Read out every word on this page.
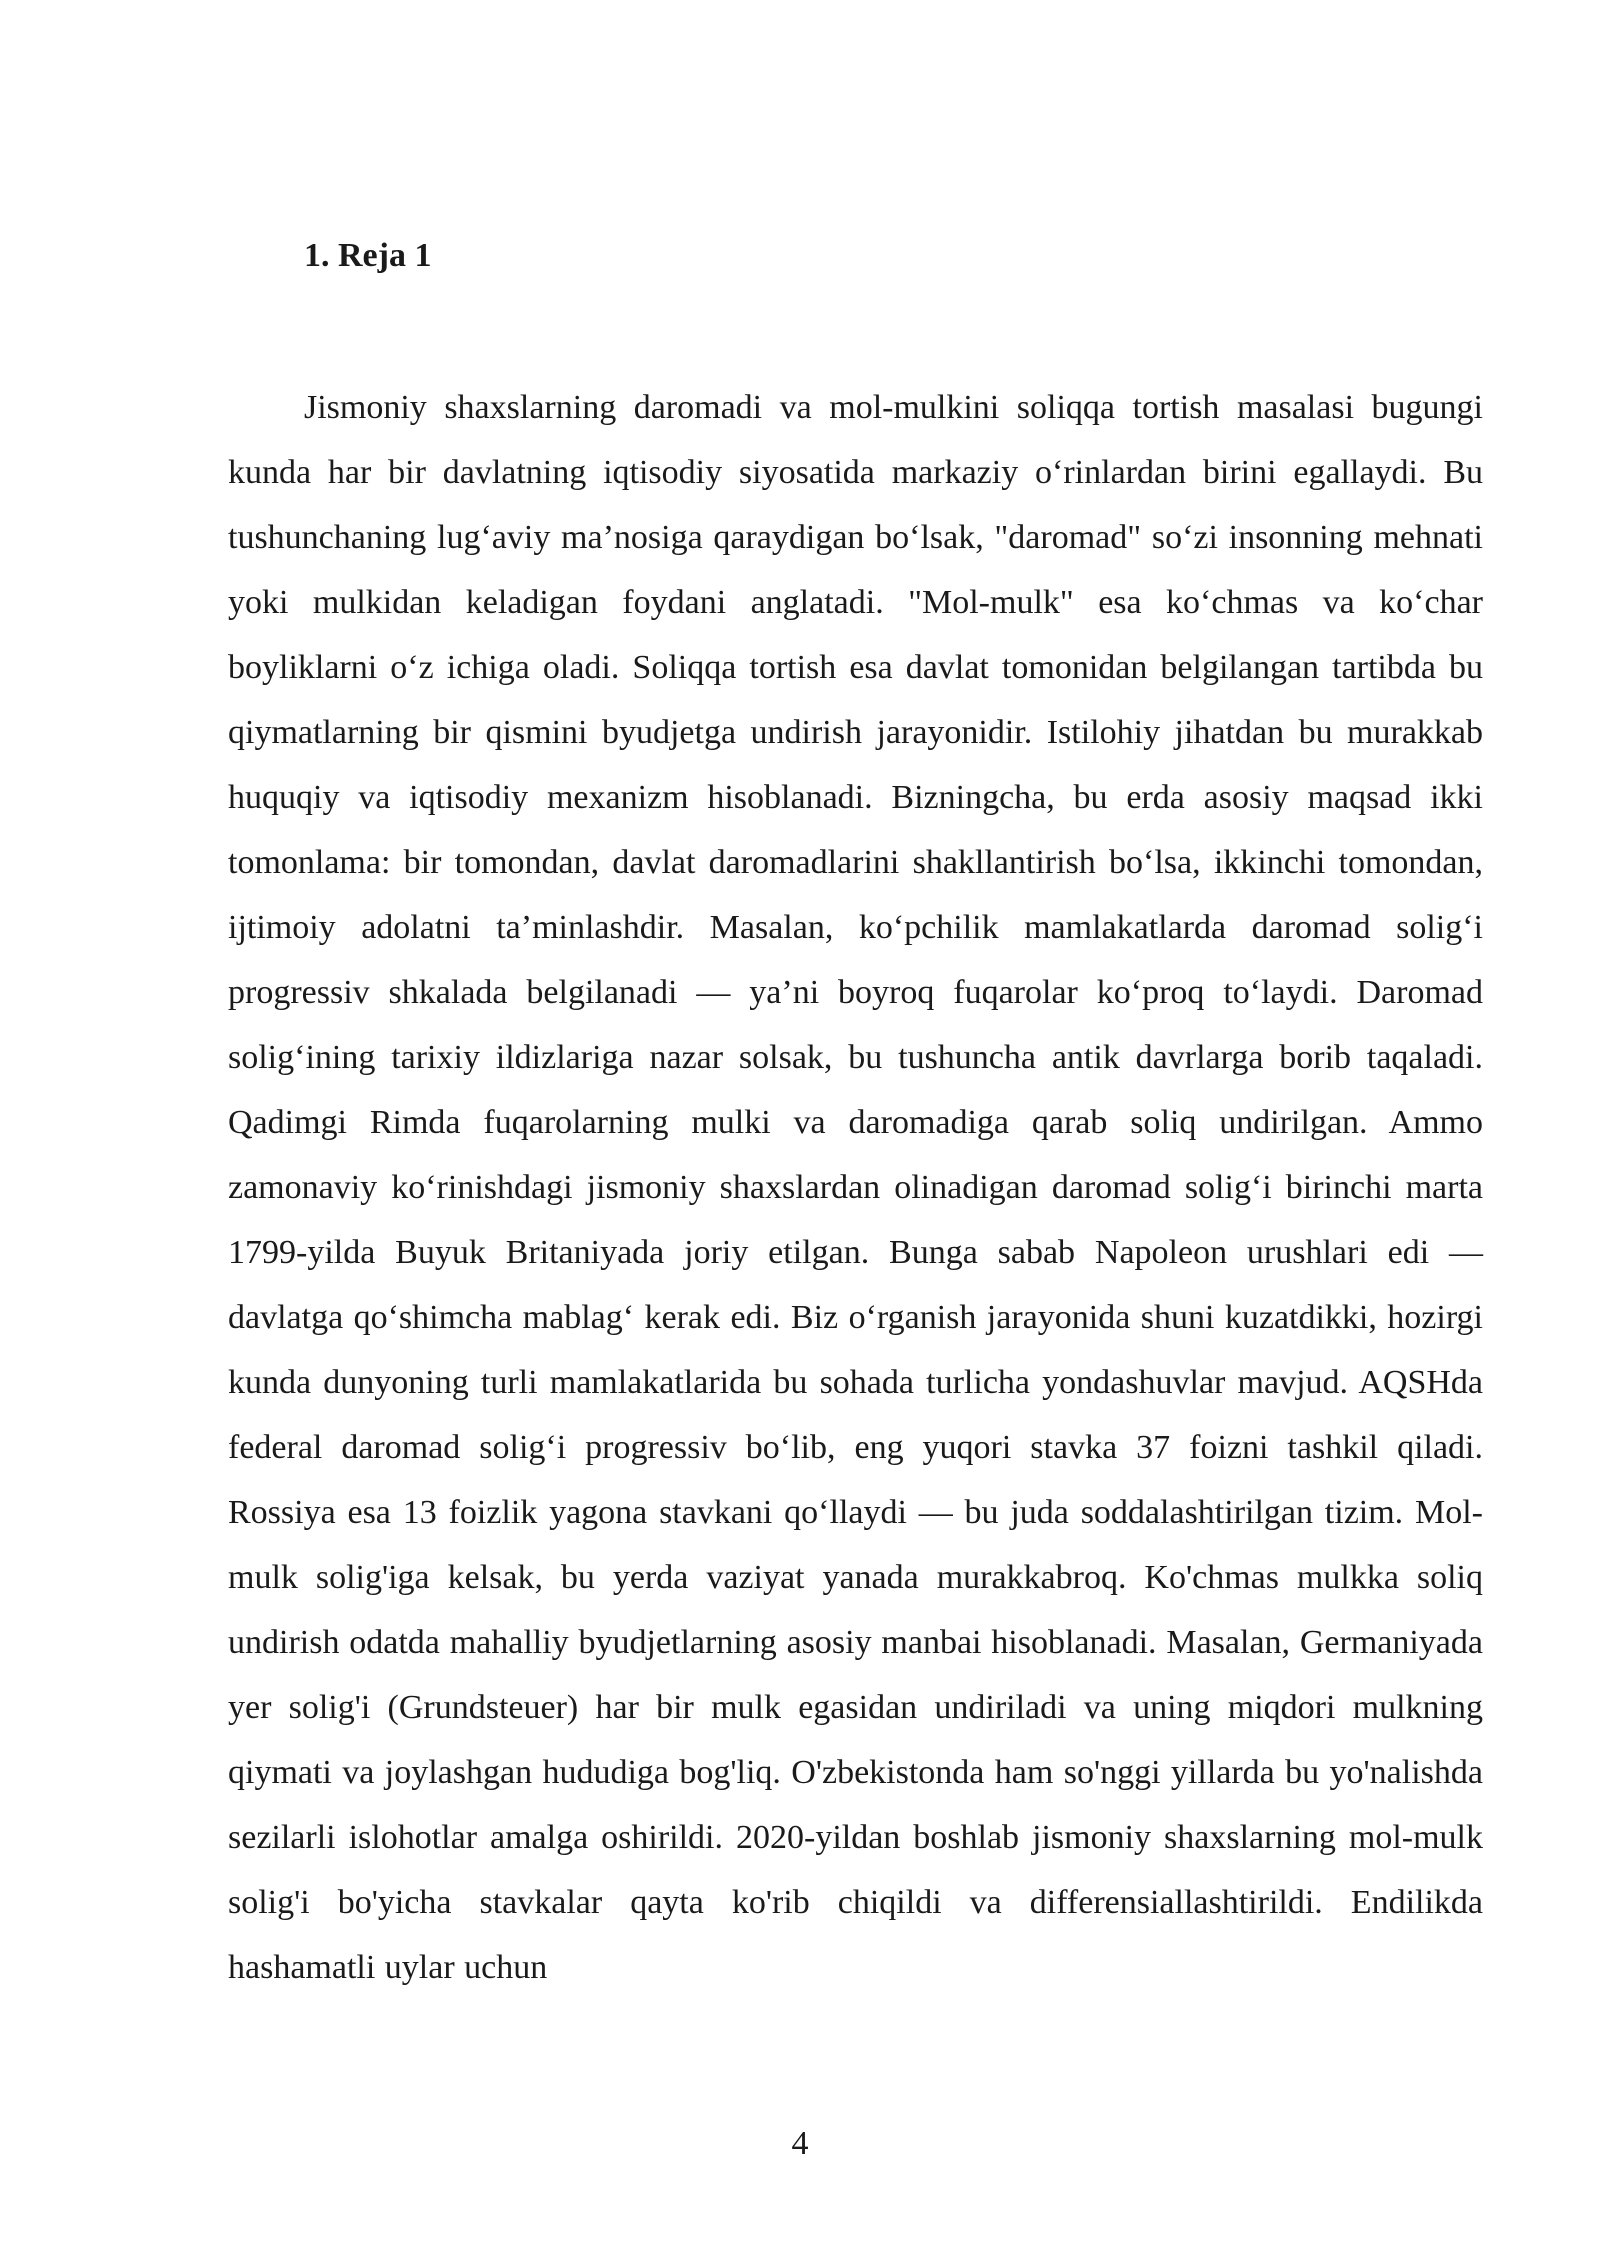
1. Reja 1

Jismoniy shaxslarning daromadi va mol-mulkini soliqqa tortish masalasi bugungi kunda har bir davlatning iqtisodiy siyosatida markaziy o‘rinlardan birini egallaydi. Bu tushunchaning lug‘aviy ma’nosiga qaraydigan bo‘lsak, "daromad" so‘zi insonning mehnati yoki mulkidan keladigan foydani anglatadi. "Mol-mulk" esa ko‘chmas va ko‘char boyliklarni o‘z ichiga oladi. Soliqqa tortish esa davlat tomonidan belgilangan tartibda bu qiymatlarning bir qismini byudjetga undirish jarayonidir. Istilohiy jihatdan bu murakkab huquqiy va iqtisodiy mexanizm hisoblanadi. Bizningcha, bu erda asosiy maqsad ikki tomonlama: bir tomondan, davlat daromadlarini shakllantirish bo‘lsa, ikkinchi tomondan, ijtimoiy adolatni ta’minlashdir. Masalan, ko‘pchilik mamlakatlarda daromad solig‘i progressiv shkalada belgilanadi — ya’ni boyroq fuqarolar ko‘proq to‘laydi. Daromad solig‘ining tarixiy ildizlariga nazar solsak, bu tushuncha antik davrlarga borib taqaladi. Qadimgi Rimda fuqarolarning mulki va daromadiga qarab soliq undirilgan. Ammo zamonaviy ko‘rinishdagi jismoniy shaxslardan olinadigan daromad solig‘i birinchi marta 1799-yilda Buyuk Britaniyada joriy etilgan. Bunga sabab Napoleon urushlari edi — davlatga qo‘shimcha mablag‘ kerak edi. Biz o‘rganish jarayonida shuni kuzatdikki, hozirgi kunda dunyoning turli mamlakatlarida bu sohada turlicha yondashuvlar mavjud. AQSHda federal daromad solig‘i progressiv bo‘lib, eng yuqori stavka 37 foizni tashkil qiladi. Rossiya esa 13 foizlik yagona stavkani qo‘llaydi — bu juda soddalashtirilgan tizim. Mol-mulk solig'iga kelsak, bu yerda vaziyat yanada murakkabroq. Ko'chmas mulkka soliq undirish odatda mahalliy byudjetlarning asosiy manbai hisoblanadi. Masalan, Germaniyada yer solig'i (Grundsteuer) har bir mulk egasidan undiriladi va uning miqdori mulkning qiymati va joylashgan hududiga bog'liq. O'zbekistonda ham so'nggi yillarda bu yo'nalishda sezilarli islohotlar amalga oshirildi. 2020-yildan boshlab jismoniy shaxslarning mol-mulk solig'i bo'yicha stavkalar qayta ko'rib chiqildi va differensiallashtirildi. Endilikda hashamatli uylar uchun

4
